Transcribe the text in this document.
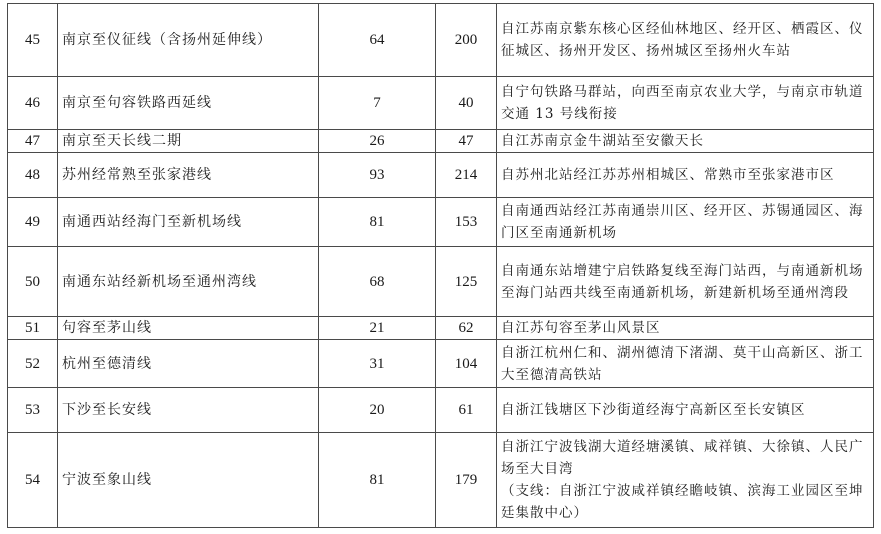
45	南京至仪征线（含扬州延伸线）	64	200	自江苏南京紫东核心区经仙林地区、经开区、栖霞区、仪征城区、扬州开发区、扬州城区至扬州火车站
46	南京至句容铁路西延线	7	40	自宁句铁路马群站，向西至南京农业大学，与南京市轨道交通 13 号线衔接
47	南京至天长线二期	26	47	自江苏南京金牛湖站至安徽天长
48	苏州经常熟至张家港线	93	214	自苏州北站经江苏苏州相城区、常熟市至张家港市区
49	南通西站经海门至新机场线	81	153	自南通西站经江苏南通崇川区、经开区、苏锡通园区、海门区至南通新机场
50	南通东站经新机场至通州湾线	68	125	自南通东站增建宁启铁路复线至海门站西，与南通新机场至海门站西共线至南通新机场，新建新机场至通州湾段
51	句容至茅山线	21	62	自江苏句容至茅山风景区
52	杭州至德清线	31	104	自浙江杭州仁和、湖州德清下渚湖、莫干山高新区、浙工大至德清高铁站
53	下沙至长安线	20	61	自浙江钱塘区下沙街道经海宁高新区至长安镇区
54	宁波至象山线	81	179	自浙江宁波钱湖大道经塘溪镇、咸祥镇、大徐镇、人民广场至大目湾
（支线：自浙江宁波咸祥镇经瞻岐镇、滨海工业园区至坤廷集散中心）
